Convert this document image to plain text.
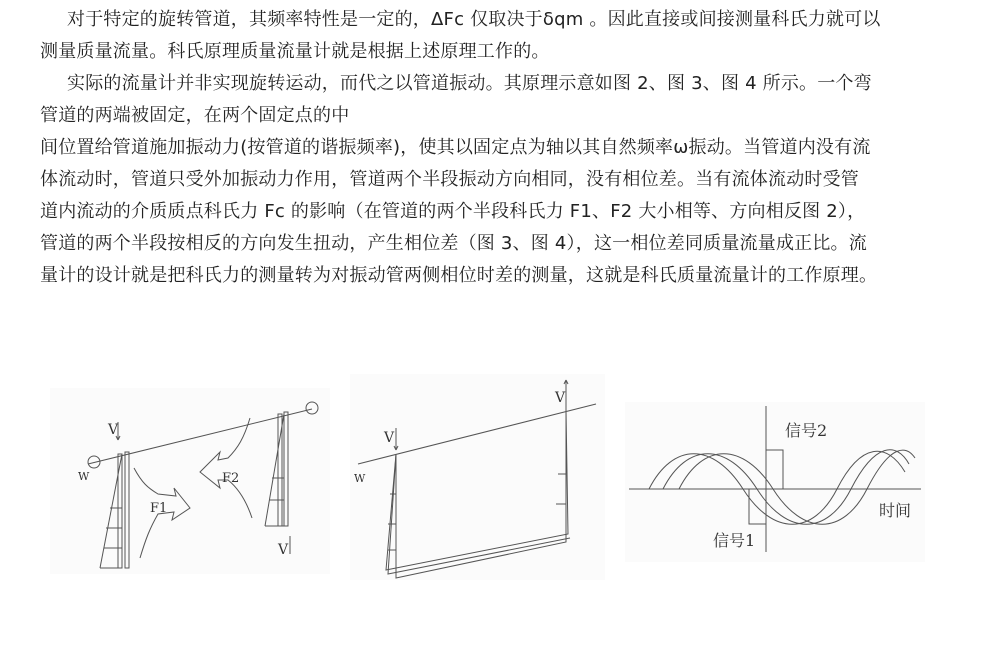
对于特定的旋转管道，其频率特性是一定的，ΔFc 仅取决于δqm 。因此直接或间接测量科氏力就可以
测量质量流量。科氏原理质量流量计就是根据上述原理工作的。
实际的流量计并非实现旋转运动，而代之以管道振动。其原理示意如图 2、图 3、图 4 所示。一个弯
管道的两端被固定，在两个固定点的中
间位置给管道施加振动力(按管道的谐振频率)，使其以固定点为轴以其自然频率ω振动。当管道内没有流
体流动时，管道只受外加振动力作用，管道两个半段振动方向相同，没有相位差。当有流体流动时受管
道内流动的介质质点科氏力 Fc 的影响（在管道的两个半段科氏力 F1、F2 大小相等、方向相反图 2），
管道的两个半段按相反的方向发生扭动，产生相位差（图 3、图 4），这一相位差同质量流量成正比。流
量计的设计就是把科氏力的测量转为对振动管两侧相位时差的测量，这就是科氏质量流量计的工作原理。
V
V
W
F1
F2
V
V
W
信号2
信号1
时间
